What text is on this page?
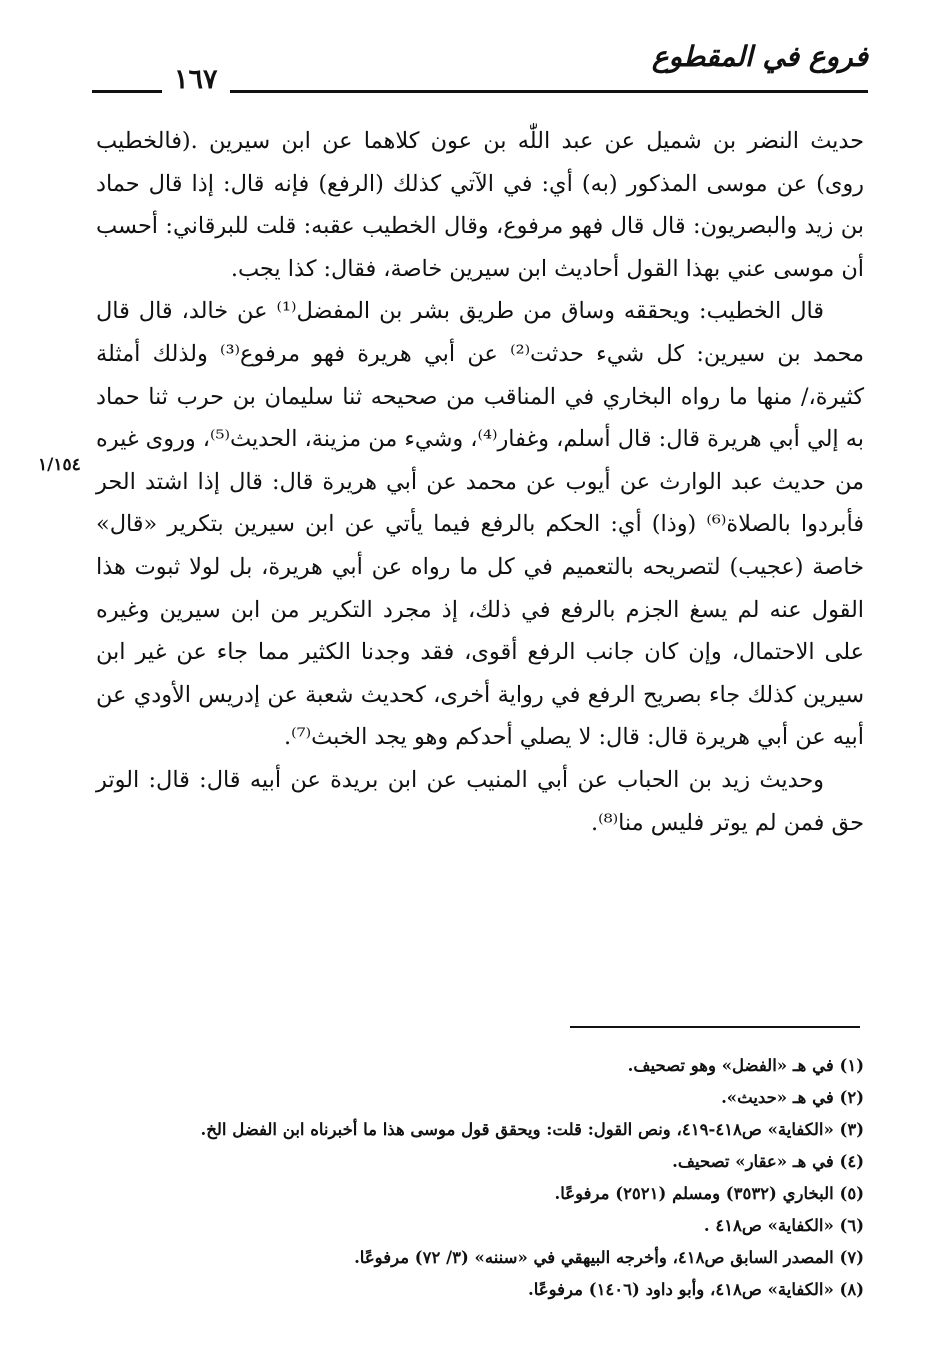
فروع في المقطوع
١٦٧
١/١٥٤

حديث النضر بن شميل عن عبد اللّٰه بن عون كلاهما عن ابن سيرين .(فالخطيب روى) عن موسى المذكور (به) أي: في الآتي كذلك (الرفع) فإنه قال: إذا قال حماد بن زيد والبصريون: قال قال فهو مرفوع، وقال الخطيب عقبه: قلت للبرقاني: أحسب أن موسى عني بهذا القول أحاديث ابن سيرين خاصة، فقال: كذا يجب.

قال الخطيب: ويحققه وساق من طريق بشر بن المفضل⁽¹⁾ عن خالد، قال قال محمد بن سيرين: كل شيء حدثت⁽²⁾ عن أبي هريرة فهو مرفوع⁽³⁾ ولذلك أمثلة كثيرة،/ منها ما رواه البخاري في المناقب من صحيحه ثنا سليمان بن حرب ثنا حماد به إلي أبي هريرة قال: قال أسلم، وغفار⁽⁴⁾، وشيء من مزينة، الحديث⁽⁵⁾، وروى غيره من حديث عبد الوارث عن أيوب عن محمد عن أبي هريرة قال: قال إذا اشتد الحر فأبردوا بالصلاة⁽⁶⁾ (وذا) أي: الحكم بالرفع فيما يأتي عن ابن سيرين بتكرير «قال» خاصة (عجيب) لتصريحه بالتعميم في كل ما رواه عن أبي هريرة، بل لولا ثبوت هذا القول عنه لم يسغ الجزم بالرفع في ذلك، إذ مجرد التكرير من ابن سيرين وغيره على الاحتمال، وإن كان جانب الرفع أقوى، فقد وجدنا الكثير مما جاء عن غير ابن سيرين كذلك جاء بصريح الرفع في رواية أخرى، كحديث شعبة عن إدريس الأودي عن أبيه عن أبي هريرة قال: قال: لا يصلي أحدكم وهو يجد الخبث⁽⁷⁾.

وحديث زيد بن الحباب عن أبي المنيب عن ابن بريدة عن أبيه قال: قال: الوتر حق فمن لم يوتر فليس منا⁽⁸⁾.

(١) في هـ «الفضل» وهو تصحيف.
(٢) في هـ «حديث».
(٣) «الكفاية» ص٤١٨-٤١٩، ونص القول: قلت: ويحقق قول موسى هذا ما أخبرناه ابن الفضل الخ.
(٤) في هـ «عقار» تصحيف.
(٥) البخاري (٣٥٣٢) ومسلم (٢٥٢١) مرفوعًا.
(٦) «الكفاية» ص٤١٨ .
(٧) المصدر السابق ص٤١٨، وأخرجه البيهقي في «سننه» (٣/ ٧٢) مرفوعًا.
(٨) «الكفاية» ص٤١٨، وأبو داود (١٤٠٦) مرفوعًا.
